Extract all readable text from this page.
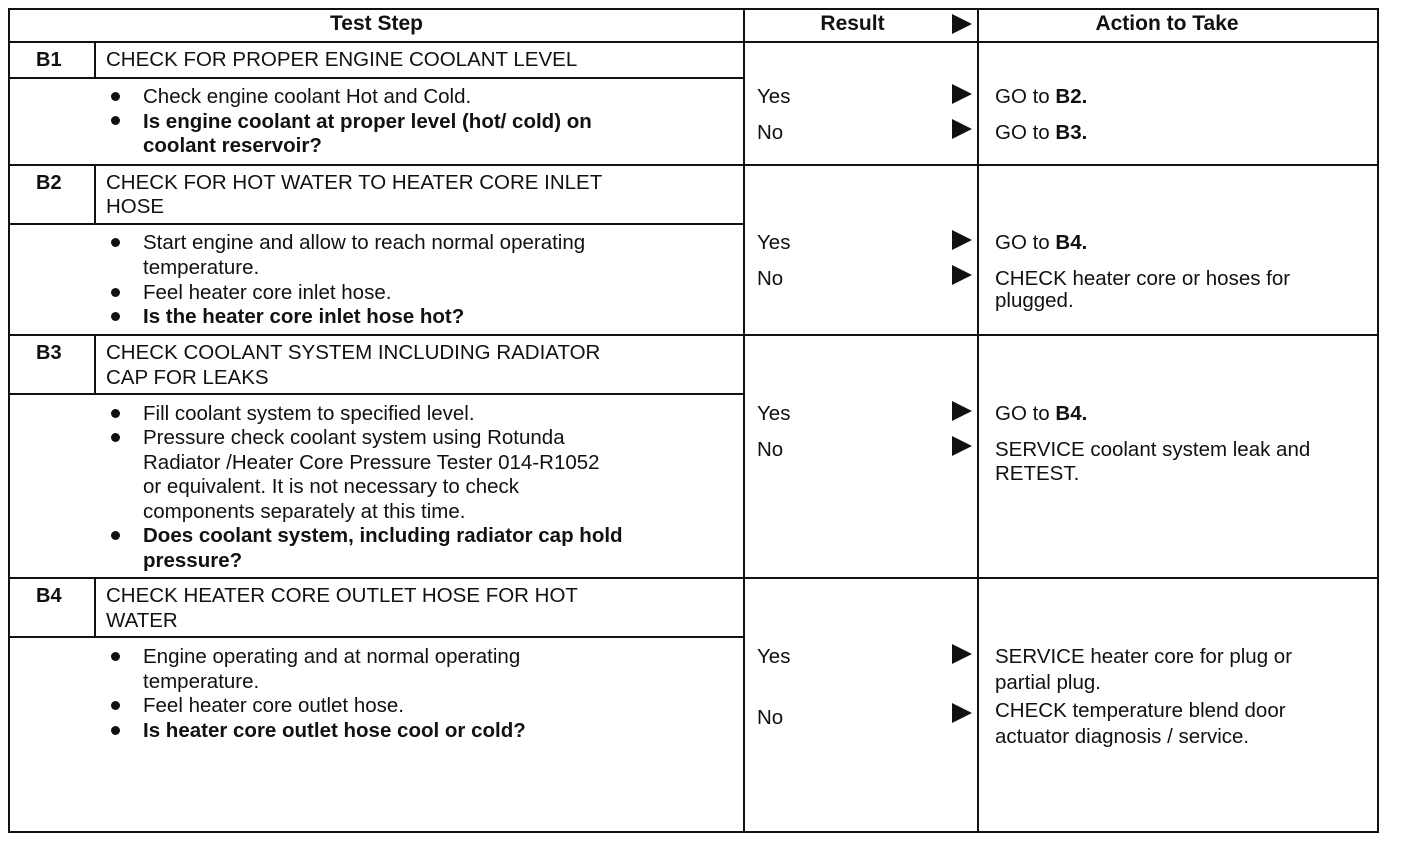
Test Step	Result	Action to Take
B1 CHECK FOR PROPER ENGINE COOLANT LEVEL
Check engine coolant Hot and Cold.
Is engine coolant at proper level (hot/ cold) on
coolant reservoir?
Yes	GO to B2.
No	GO to B3.
B2 CHECK FOR HOT WATER TO HEATER CORE INLET
HOSE
Start engine and allow to reach normal operating
temperature.
Feel heater core inlet hose.
Is the heater core inlet hose hot?
Yes	GO to B4.
No	CHECK heater core or hoses for
plugged.
B3 CHECK COOLANT SYSTEM INCLUDING RADIATOR
CAP FOR LEAKS
Fill coolant system to specified level.
Pressure check coolant system using Rotunda
Radiator /Heater Core Pressure Tester 014-R1052
or equivalent. It is not necessary to check
components separately at this time.
Does coolant system, including radiator cap hold
pressure?
Yes	GO to B4.
No	SERVICE coolant system leak and
RETEST.
B4 CHECK HEATER CORE OUTLET HOSE FOR HOT
WATER
Engine operating and at normal operating
temperature.
Feel heater core outlet hose.
Is heater core outlet hose cool or cold?
Yes	SERVICE heater core for plug or
partial plug.
No	CHECK temperature blend door
actuator diagnosis / service.
